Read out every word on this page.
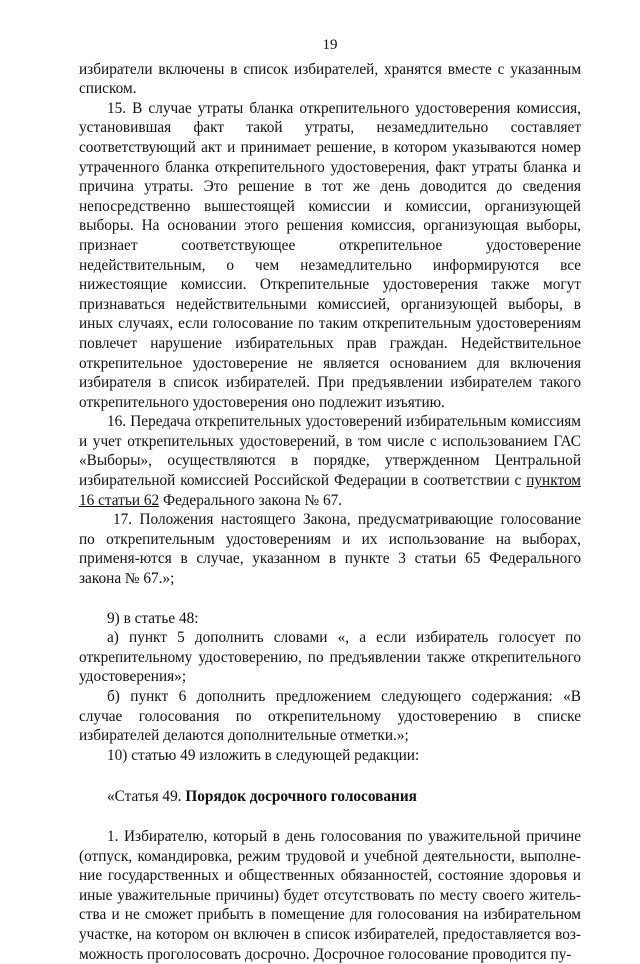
19

избиратели включены в список избирателей, хранятся вместе с указанным списком.

15. В случае утраты бланка открепительного удостоверения комиссия, установившая факт такой утраты, незамедлительно составляет соответствующий акт и принимает решение, в котором указываются номер утраченного бланка открепительного удостоверения, факт утраты бланка и причина утраты. Это решение в тот же день доводится до сведения непосредственно вышестоящей комиссии и комиссии, организующей выборы. На основании этого решения комиссия, организующая выборы, признает соответствующее открепительное удостоверение недействительным, о чем незамедлительно информируются все нижестоящие комиссии. Открепительные удостоверения также могут признаваться недействительными комиссией, организующей выборы, в иных случаях, если голосование по таким открепительным удостоверениям повлечет нарушение избирательных прав граждан. Недействительное открепительное удостоверение не является основанием для включения избирателя в список избирателей. При предъявлении избирателем такого открепительного удостоверения оно подлежит изъятию.

16. Передача открепительных удостоверений избирательным комиссиям и учет открепительных удостоверений, в том числе с использованием ГАС «Выборы», осуществляются в порядке, утвержденном Центральной избирательной комиссией Российской Федерации в соответствии с пунктом 16 статьи 62 Федерального закона № 67.

17. Положения настоящего Закона, предусматривающие голосование по открепительным удостоверениям и их использование на выборах, применя-ются в случае, указанном в пункте 3 статьи 65 Федерального закона № 67.»;

9) в статье 48:

а) пункт 5 дополнить словами «, а если избиратель голосует по открепительному удостоверению, по предъявлении также открепительного удостоверения»;

б) пункт 6 дополнить предложением следующего содержания: «В случае голосования по открепительному удостоверению в списке избирателей делаются дополнительные отметки.»;

10) статью 49 изложить в следующей редакции:

«Статья 49. Порядок досрочного голосования

1. Избирателю, который в день голосования по уважительной причине (отпуск, командировка, режим трудовой и учебной деятельности, выполне-ние государственных и общественных обязанностей, состояние здоровья и иные уважительные причины) будет отсутствовать по месту своего житель-ства и не сможет прибыть в помещение для голосования на избирательном участке, на котором он включен в список избирателей, предоставляется воз-можность проголосовать досрочно. Досрочное голосование проводится пу-
